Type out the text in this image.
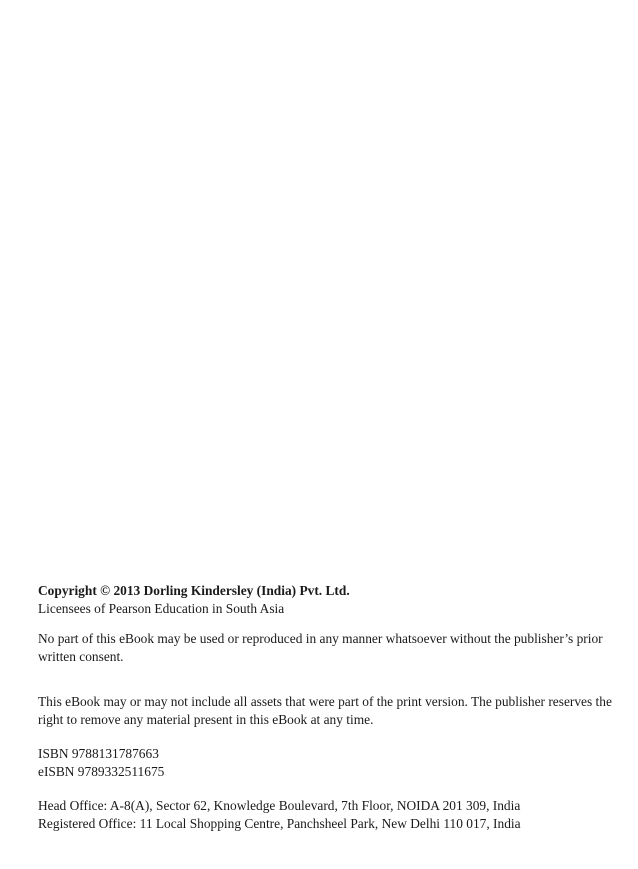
Copyright © 2013 Dorling Kindersley (India) Pvt. Ltd.

Licensees of Pearson Education in South Asia

No part of this eBook may be used or reproduced in any manner whatsoever without the publisher’s prior

written consent.

This eBook may or may not include all assets that were part of the print version. The publisher reserves the

right to remove any material present in this eBook at any time.

ISBN 9788131787663

eISBN 9789332511675

Head Office: A-8(A), Sector 62, Knowledge Boulevard, 7th Floor, NOIDA 201 309, India

Registered Office: 11 Local Shopping Centre, Panchsheel Park, New Delhi 110 017, India
